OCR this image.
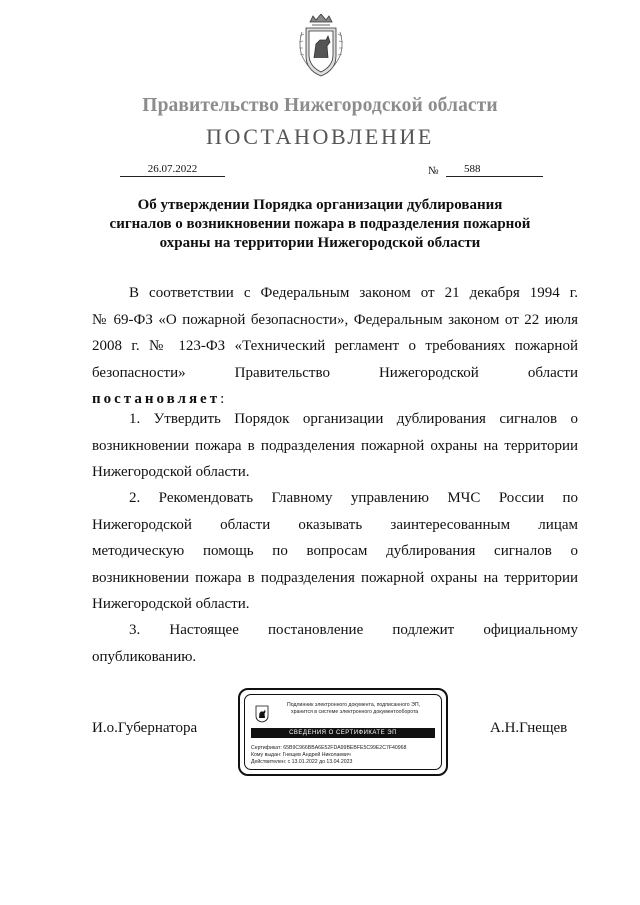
Правительство Нижегородской области
ПОСТАНОВЛЕНИЕ
26.07.2022	№	588
Об утверждении Порядка организации дублирования
сигналов о возникновении пожара в подразделения пожарной
охраны на территории Нижегородской области
В соответствии с Федеральным законом от 21 декабря 1994 г.
№ 69-ФЗ «О пожарной безопасности», Федеральным законом от 22 июля
2008 г. № 123-ФЗ «Технический регламент о требованиях пожарной
безопасности» Правительство Нижегородской области
постановляет:
1. Утвердить Порядок организации дублирования сигналов о
возникновении пожара в подразделения пожарной охраны на территории
Нижегородской области.
2. Рекомендовать Главному управлению МЧС России по
Нижегородской области оказывать заинтересованным лицам
методическую помощь по вопросам дублирования сигналов о
возникновении пожара в подразделения пожарной охраны на территории
Нижегородской области.
3. Настоящее постановление подлежит официальному
опубликованию.
И.о.Губернатора	А.Н.Гнещев
Подлинник электронного документа, подписанного ЭП,
хранится в системе электронного документооборота
СВЕДЕНИЯ О СЕРТИФИКАТЕ ЭП
Сертификат: 65B9C966BBA6E52FDA99BEBFE5C99E2C7F40968
Кому выдан: Гнещев Андрей Николаевич
Действителен: с 13.01.2022 до 13.04.2023
